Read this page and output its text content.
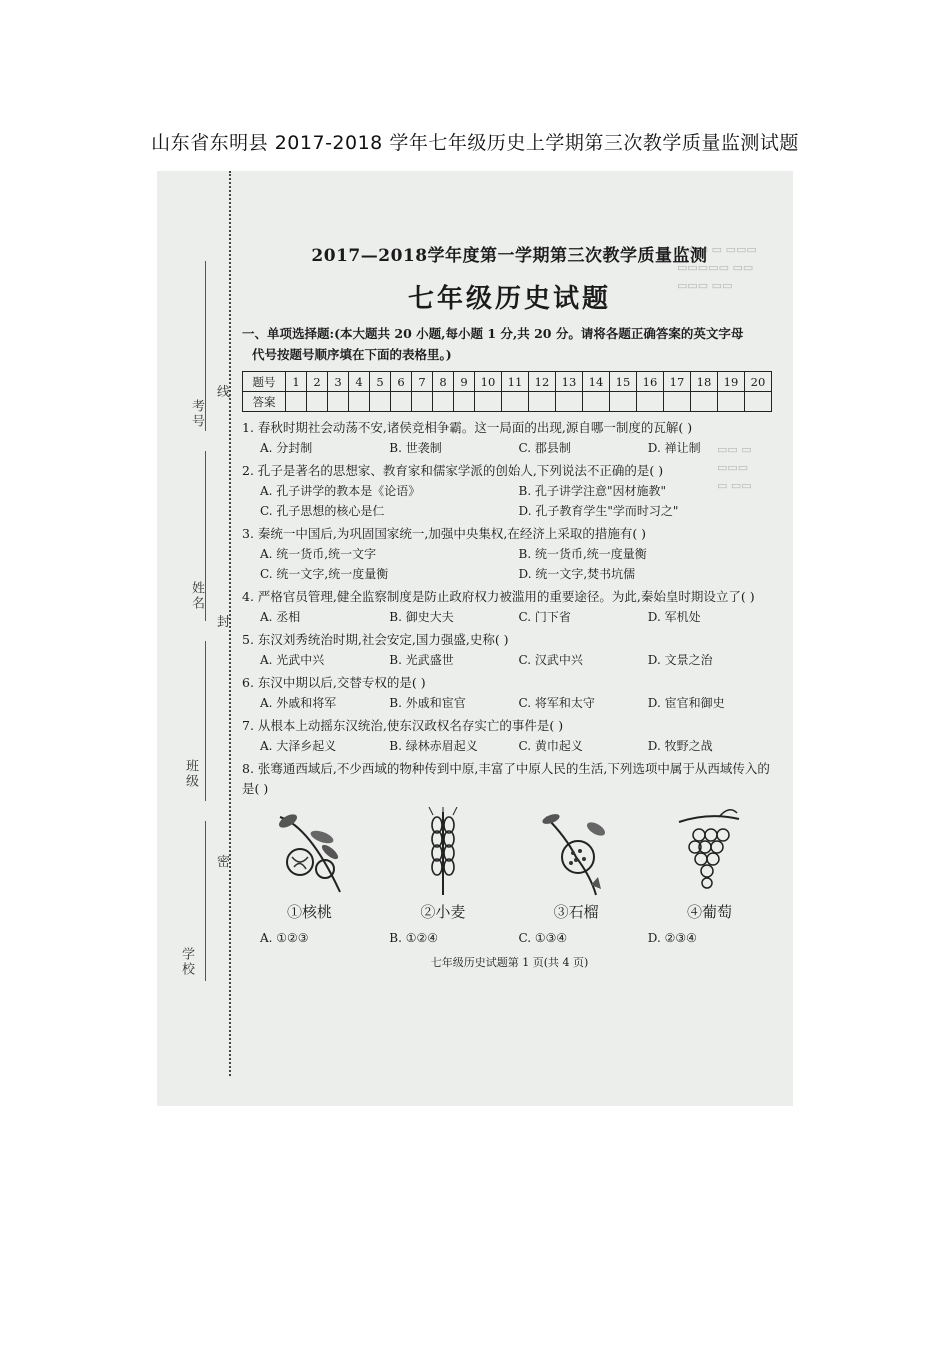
山东省东明县 2017-2018 学年七年级历史上学期第三次教学质量监测试题
考号
姓名
班级
学校
线
封
密
▭▭▭ ▭ ▭▭▭
▭▭▭▭▭ ▭▭
▭▭▭ ▭▭
▭▭ ▭
▭▭▭
▭ ▭▭
2017—2018学年度第一学期第三次教学质量监测
七年级历史试题
一、单项选择题:(本大题共 20 小题,每小题 1 分,共 20 分。请将各题正确答案的英文字母
代号按题号顺序填在下面的表格里。)
题号	1	2	3	4	5	6	7	8	9	10	11	12	13	14	15	16	17	18	19	20
答案																				
1. 春秋时期社会动荡不安,诸侯竞相争霸。这一局面的出现,源自哪一制度的瓦解( )
A. 分封制	B. 世袭制	C. 郡县制	D. 禅让制
2. 孔子是著名的思想家、教育家和儒家学派的创始人,下列说法不正确的是( )
A. 孔子讲学的教本是《论语》	B. 孔子讲学注意"因材施教"
C. 孔子思想的核心是仁	D. 孔子教育学生"学而时习之"
3. 秦统一中国后,为巩固国家统一,加强中央集权,在经济上采取的措施有( )
A. 统一货币,统一文字	B. 统一货币,统一度量衡
C. 统一文字,统一度量衡	D. 统一文字,焚书坑儒
4. 严格官员管理,健全监察制度是防止政府权力被滥用的重要途径。为此,秦始皇时期设立了( )
A. 丞相	B. 御史大夫	C. 门下省	D. 军机处
5. 东汉刘秀统治时期,社会安定,国力强盛,史称( )
A. 光武中兴	B. 光武盛世	C. 汉武中兴	D. 文景之治
6. 东汉中期以后,交替专权的是( )
A. 外戚和将军	B. 外戚和宦官	C. 将军和太守	D. 宦官和御史
7. 从根本上动摇东汉统治,使东汉政权名存实亡的事件是( )
A. 大泽乡起义	B. 绿林赤眉起义	C. 黄巾起义	D. 牧野之战
8. 张骞通西域后,不少西域的物种传到中原,丰富了中原人民的生活,下列选项中属于从西域传入的是( )
①核桃	②小麦	③石榴	④葡萄
A. ①②③	B. ①②④	C. ①③④	D. ②③④
七年级历史试题第 1 页(共 4 页)
